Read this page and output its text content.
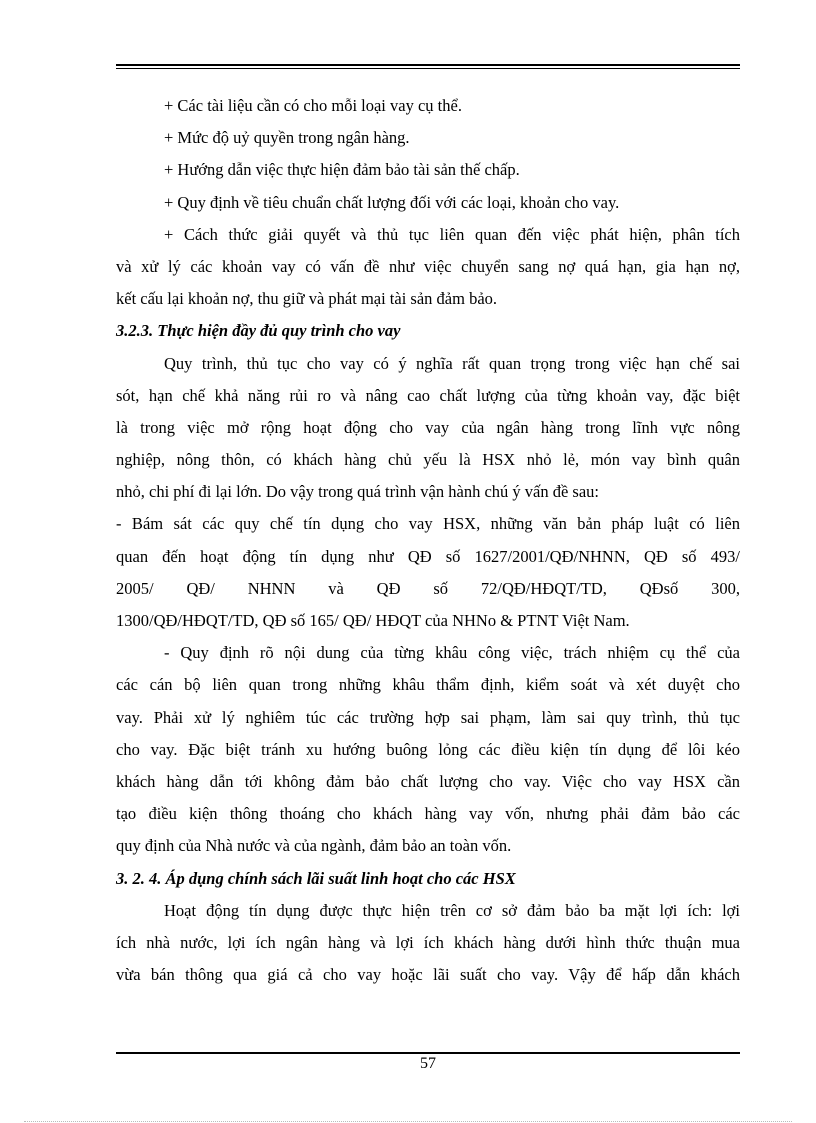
+ Các tài liệu cần có cho mỗi loại vay cụ thể.
+ Mức độ uỷ quyền trong ngân hàng.
+ Hướng dẫn việc thực hiện đảm bảo tài sản thế chấp.
+ Quy định về tiêu chuẩn chất lượng đối với các loại, khoản cho vay.
+ Cách thức giải quyết và thủ tục liên quan đến việc phát hiện, phân tích
và xử lý các khoản vay có vấn đề như việc chuyển sang nợ quá hạn, gia hạn nợ,
kết cấu lại khoản nợ, thu giữ và phát mại tài sản đảm bảo.
3.2.3. Thực hiện đầy đủ quy trình cho vay
Quy trình, thủ tục cho vay có ý nghĩa rất quan trọng trong việc hạn chế sai
sót, hạn chế khả năng rủi ro và nâng cao chất lượng của từng khoản vay, đặc biệt
là trong việc mở rộng hoạt động cho vay của ngân hàng trong lĩnh vực nông
nghiệp, nông thôn, có khách hàng chủ yếu là HSX nhỏ lẻ, món vay bình quân
nhỏ, chi phí đi lại lớn. Do vậy trong quá trình vận hành chú ý vấn đề sau:
- Bám sát các quy chế tín dụng cho vay HSX, những văn bản pháp luật có liên
quan đến hoạt động tín dụng như QĐ số 1627/2001/QĐ/NHNN, QĐ số 493/
2005/ QĐ/ NHNN và QĐ số 72/QĐ/HĐQT/TD, QĐsố 300,
1300/QĐ/HĐQT/TD, QĐ số 165/ QĐ/ HĐQT của NHNo & PTNT Việt Nam.
- Quy định rõ nội dung của từng khâu công việc, trách nhiệm cụ thể của
các cán bộ liên quan trong những khâu thẩm định, kiểm soát và xét duyệt cho
vay. Phải xử lý nghiêm túc các trường hợp sai phạm, làm sai quy trình, thủ tục
cho vay. Đặc biệt tránh xu hướng buông lỏng các điều kiện tín dụng để lôi kéo
khách hàng dẫn tới không đảm bảo chất lượng cho vay. Việc cho vay HSX cần
tạo điều kiện thông thoáng cho khách hàng vay vốn, nhưng phải đảm bảo các
quy định của Nhà nước và của ngành, đảm bảo an toàn vốn.
3. 2. 4. Áp dụng chính sách lãi suất linh hoạt cho các HSX
Hoạt động tín dụng được thực hiện trên cơ sở đảm bảo ba mặt lợi ích: lợi
ích nhà nước, lợi ích ngân hàng và lợi ích khách hàng dưới hình thức thuận mua
vừa bán thông qua giá cả cho vay hoặc lãi suất cho vay. Vậy để hấp dẫn khách
57
